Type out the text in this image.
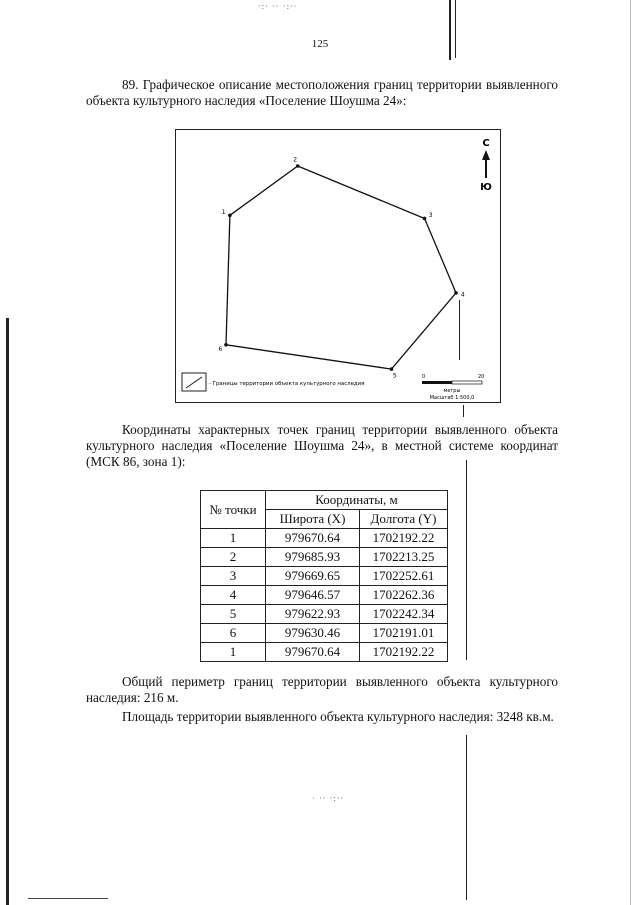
125

89. Графическое описание местоположения границ территории выявленного объекта культурного наследия «Поселение Шоушма 24»:

1
2
3
4
5
6
С
Ю
- Границы территории объекта культурного наследия
0	20
метры
Масштаб 1:500,0

Координаты характерных точек границ территории выявленного объекта культурного наследия «Поселение Шоушма 24», в местной системе координат (МСК 86, зона 1):

№ точки	Координаты, м	
	Широта (X)	Долгота (Y)
1	979670.64	1702192.22
2	979685.93	1702213.25
3	979669.65	1702252.61
4	979646.57	1702262.36
5	979622.93	1702242.34
6	979630.46	1702191.01
1	979670.64	1702192.22

Общий периметр границ территории выявленного объекта культурного наследия: 216 м.

Площадь территории выявленного объекта культурного наследия: 3248 кв.м.

·:· ·· ·:··
· ·· ·:··
